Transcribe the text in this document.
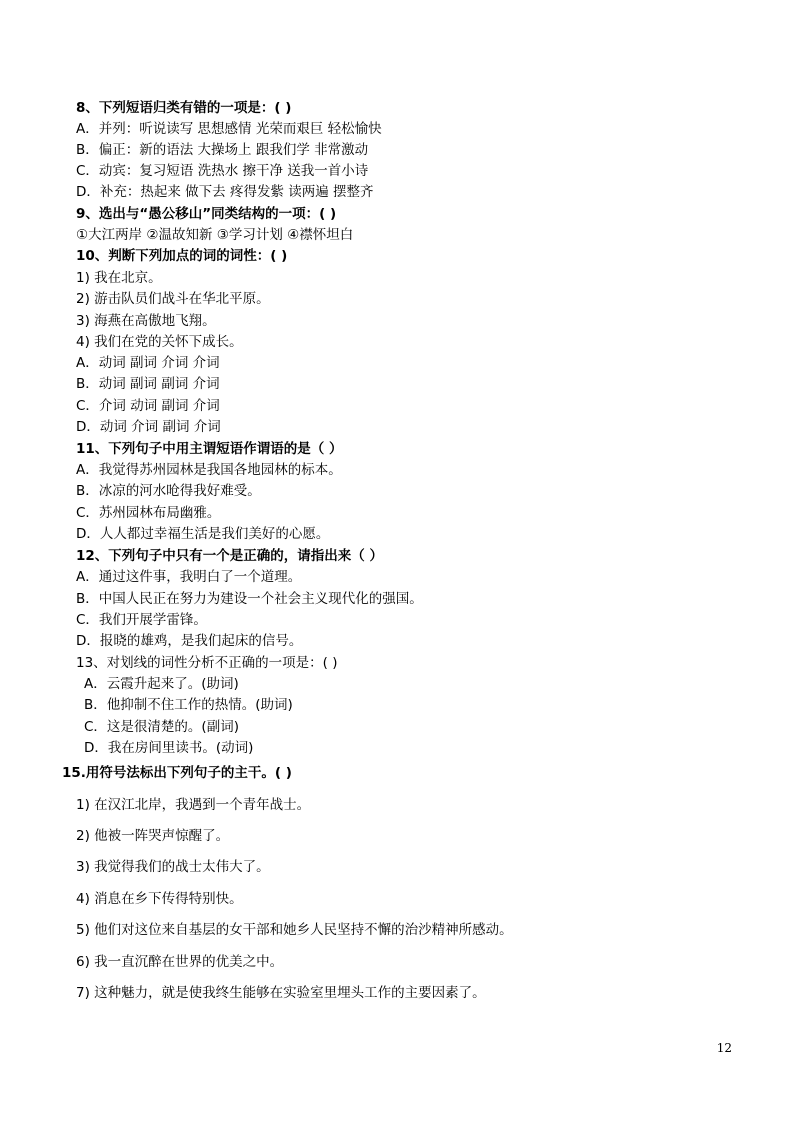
8、下列短语归类有错的一项是：( )
A．并列：听说读写 思想感情 光荣而艰巨 轻松愉快
B．偏正：新的语法 大操场上 跟我们学 非常激动
C．动宾：复习短语 洗热水 擦干净 送我一首小诗
D．补充：热起来 做下去 疼得发紫 读两遍 摆整齐
9、选出与“愚公移山”同类结构的一项：( )
①大江两岸 ②温故知新 ③学习计划 ④襟怀坦白
10、判断下列加点的词的词性：( )
1) 我在北京。
2) 游击队员们战斗在华北平原。
3) 海燕在高傲地飞翔。
4) 我们在党的关怀下成长。
A．动词 副词 介词 介词
B．动词 副词 副词 介词
C．介词 动词 副词 介词
D．动词 介词 副词 介词
11、下列句子中用主谓短语作谓语的是（ ）
A．我觉得苏州园林是我国各地园林的标本。
B．冰凉的河水呛得我好难受。
C．苏州园林布局幽雅。
D．人人都过幸福生活是我们美好的心愿。
12、下列句子中只有一个是正确的，请指出来（ ）
A．通过这件事，我明白了一个道理。
B．中国人民正在努力为建设一个社会主义现代化的强国。
C．我们开展学雷锋。
D．报晓的雄鸡，是我们起床的信号。
13、对划线的词性分析不正确的一项是：( )
A．云霞升起来了。(助词)
B．他抑制不住工作的热情。(助词)
C．这是很清楚的。(副词)
D．我在房间里读书。(动词)
15.用符号法标出下列句子的主干。( )
1) 在汉江北岸，我遇到一个青年战士。
2) 他被一阵哭声惊醒了。
3) 我觉得我们的战士太伟大了。
4) 消息在乡下传得特别快。
5) 他们对这位来自基层的女干部和她乡人民坚持不懈的治沙精神所感动。
6) 我一直沉醉在世界的优美之中。
7) 这种魅力，就是使我终生能够在实验室里埋头工作的主要因素了。
12
